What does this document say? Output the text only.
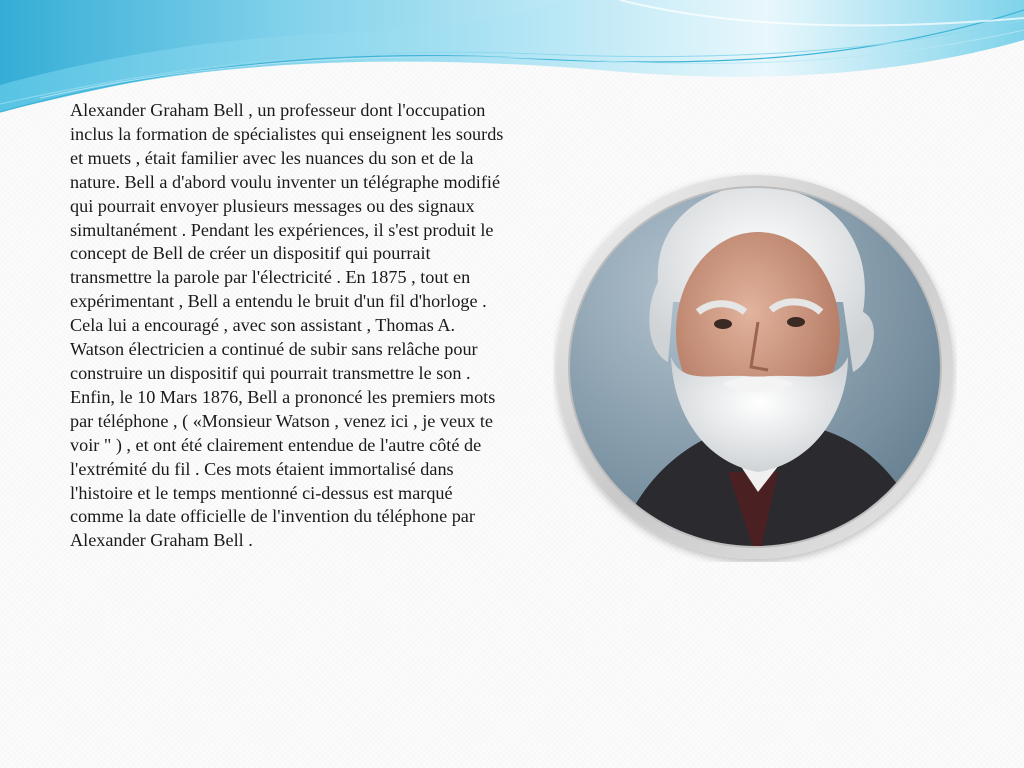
Alexander Graham Bell , un professeur dont l'occupation inclus la formation de spécialistes qui enseignent les sourds et muets , était familier avec les nuances du son et de la nature. Bell a d'abord voulu inventer un télégraphe modifié qui pourrait envoyer plusieurs messages ou des signaux simultanément . Pendant les expériences, il s'est produit le concept de Bell de créer un dispositif qui pourrait transmettre la parole par l'électricité . En 1875 , tout en expérimentant , Bell a entendu le bruit d'un fil d'horloge . Cela lui a encouragé , avec son assistant , Thomas A. Watson électricien a continué de subir sans relâche pour construire un dispositif qui pourrait transmettre le son . Enfin, le 10 Mars 1876, Bell a prononcé les premiers mots par téléphone , ( «Monsieur Watson , venez ici , je veux te voir " ) , et ont été clairement entendue de l'autre côté de l'extrémité du fil . Ces mots étaient immortalisé dans l'histoire et le temps mentionné ci-dessus est marqué comme la date officielle de l'invention du téléphone par Alexander Graham Bell .
